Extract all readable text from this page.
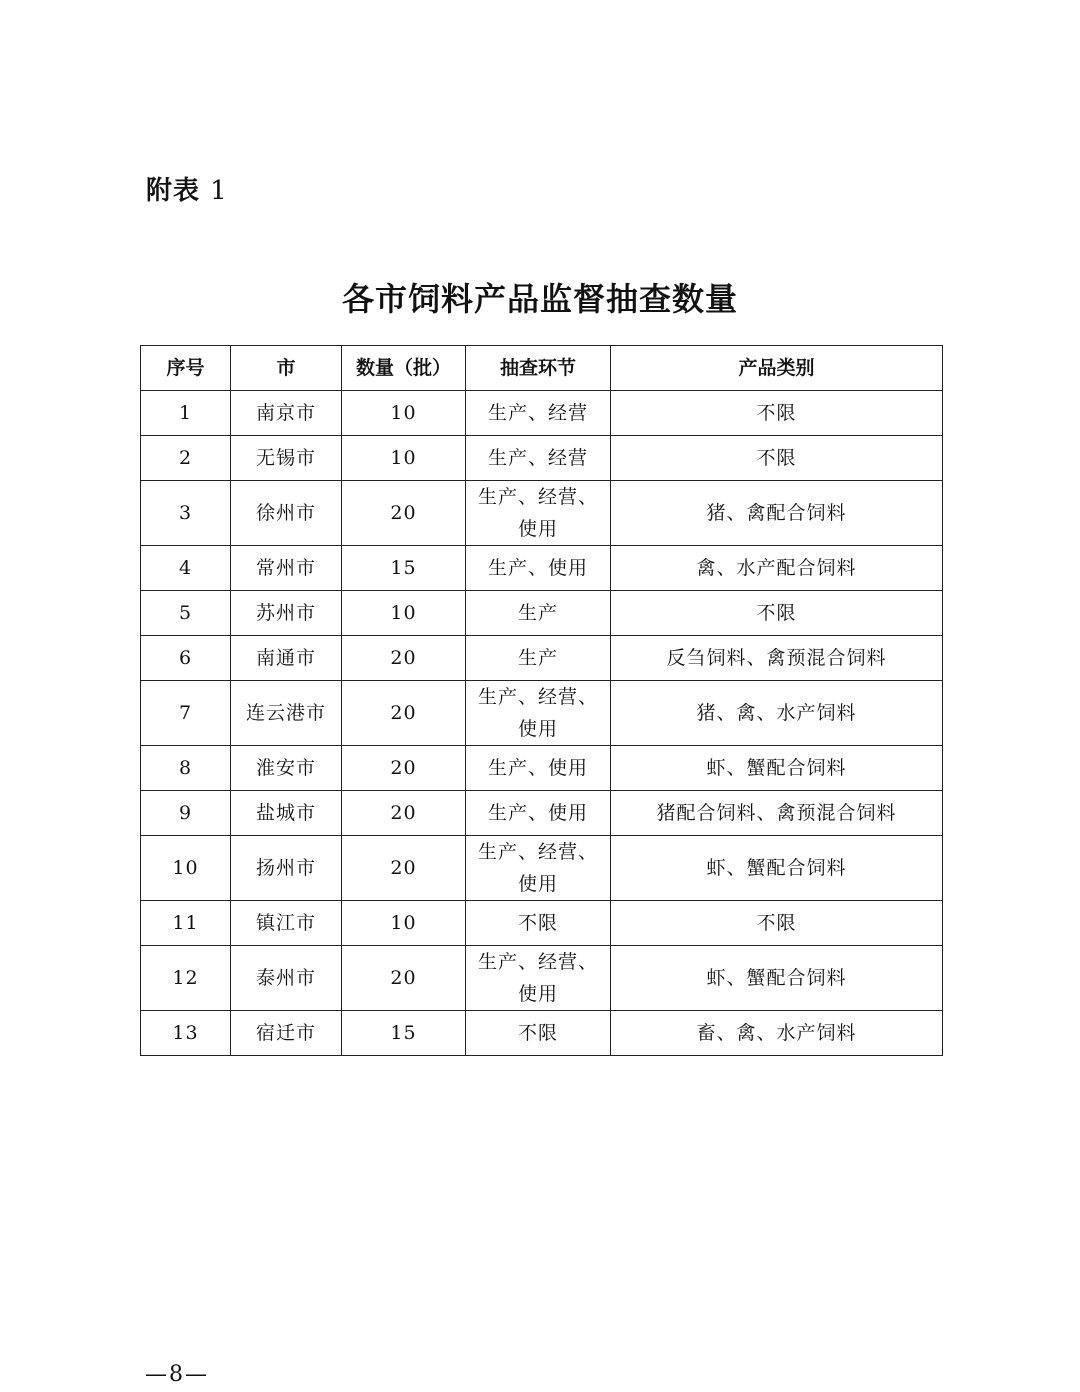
附表 1
各市饲料产品监督抽查数量
序号	市	数量（批）	抽查环节	产品类别
1	南京市	10	生产、经营	不限
2	无锡市	10	生产、经营	不限
3	徐州市	20	生产、经营、使用	猪、禽配合饲料
4	常州市	15	生产、使用	禽、水产配合饲料
5	苏州市	10	生产	不限
6	南通市	20	生产	反刍饲料、禽预混合饲料
7	连云港市	20	生产、经营、使用	猪、禽、水产饲料
8	淮安市	20	生产、使用	虾、蟹配合饲料
9	盐城市	20	生产、使用	猪配合饲料、禽预混合饲料
10	扬州市	20	生产、经营、使用	虾、蟹配合饲料
11	镇江市	10	不限	不限
12	泰州市	20	生产、经营、使用	虾、蟹配合饲料
13	宿迁市	15	不限	畜、禽、水产饲料
—8—
